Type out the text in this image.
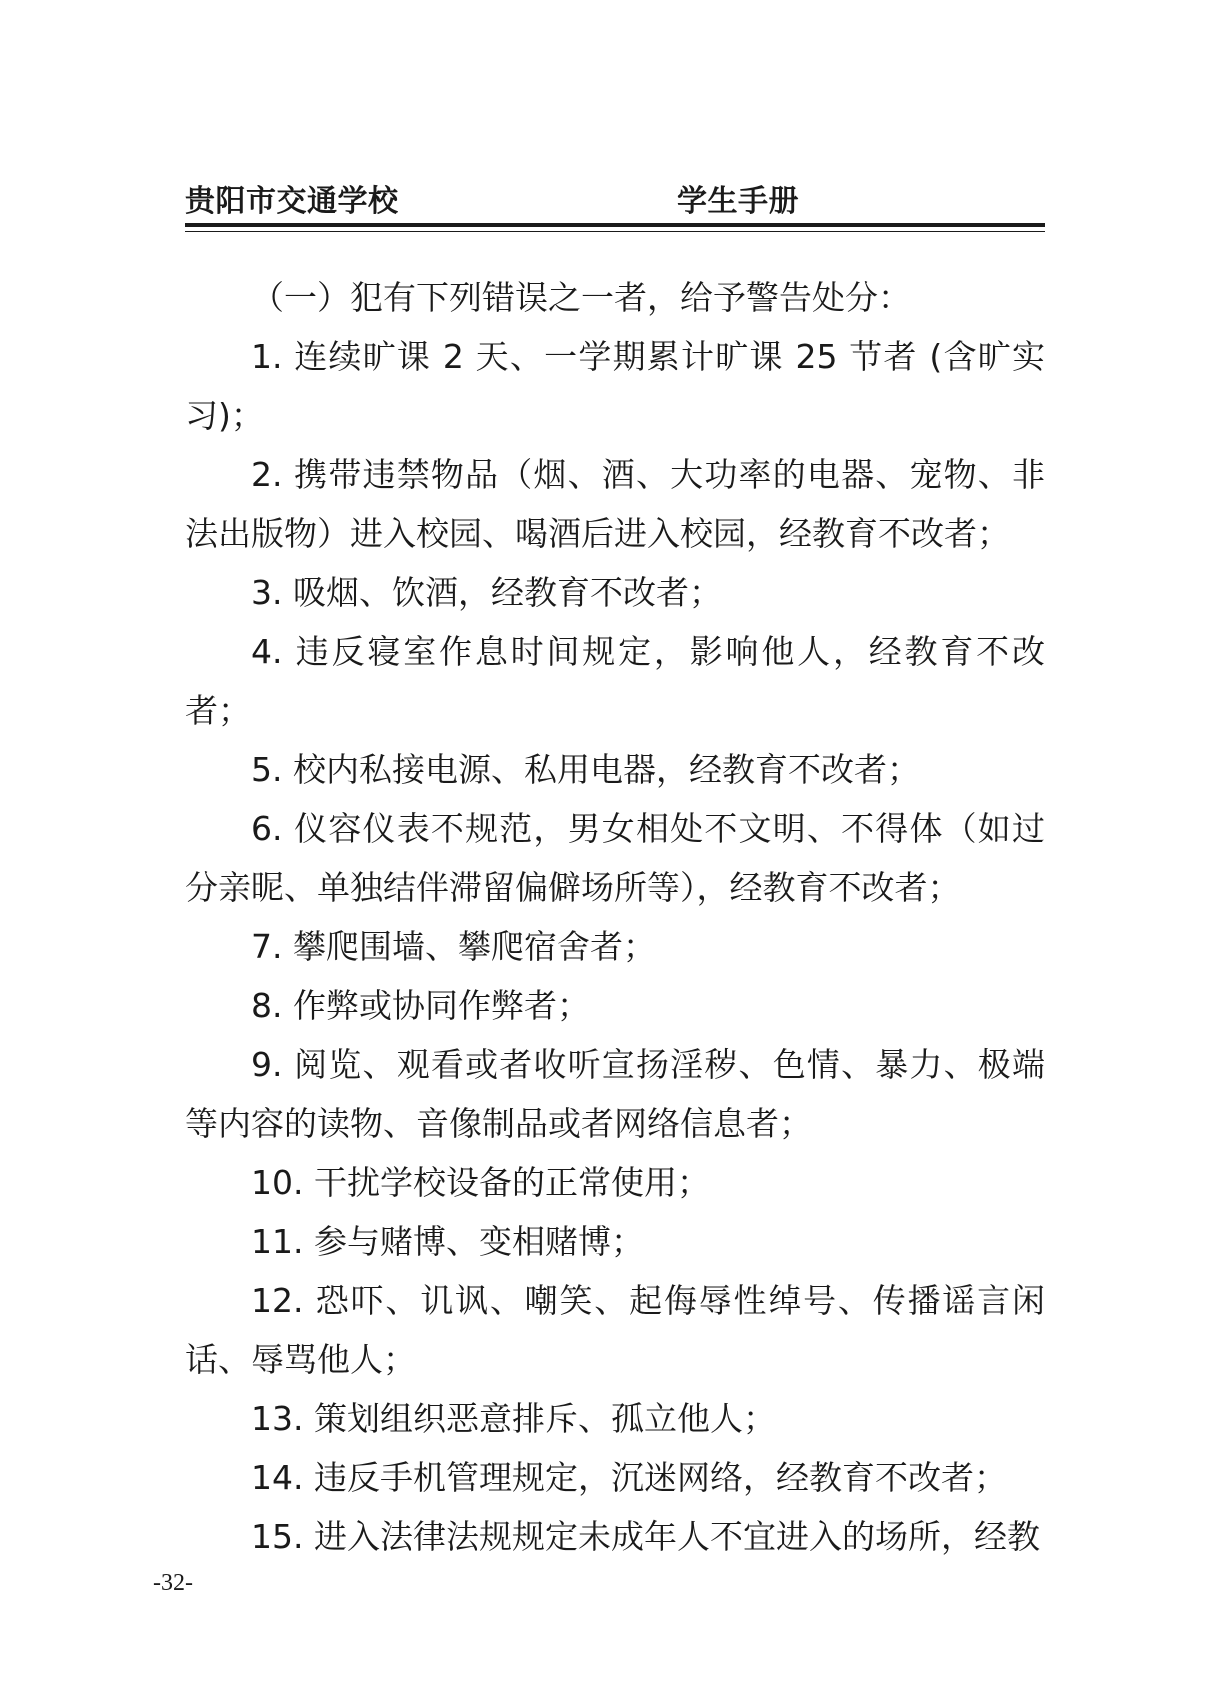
贵阳市交通学校	学生手册

（一）犯有下列错误之一者，给予警告处分：

1. 连续旷课 2 天、一学期累计旷课 25 节者 (含旷实习)；

2. 携带违禁物品（烟、酒、大功率的电器、宠物、非法出版物）进入校园、喝酒后进入校园，经教育不改者；

3. 吸烟、饮酒，经教育不改者；

4. 违反寝室作息时间规定，影响他人，经教育不改者；

5. 校内私接电源、私用电器，经教育不改者；

6. 仪容仪表不规范，男女相处不文明、不得体（如过分亲昵、单独结伴滞留偏僻场所等），经教育不改者；

7. 攀爬围墙、攀爬宿舍者；

8. 作弊或协同作弊者；

9. 阅览、观看或者收听宣扬淫秽、色情、暴力、极端等内容的读物、音像制品或者网络信息者；

10. 干扰学校设备的正常使用；

11. 参与赌博、变相赌博；

12. 恐吓、讥讽、嘲笑、起侮辱性绰号、传播谣言闲话、辱骂他人；

13. 策划组织恶意排斥、孤立他人；

14. 违反手机管理规定，沉迷网络，经教育不改者；

15. 进入法律法规规定未成年人不宜进入的场所，经教

-32-
